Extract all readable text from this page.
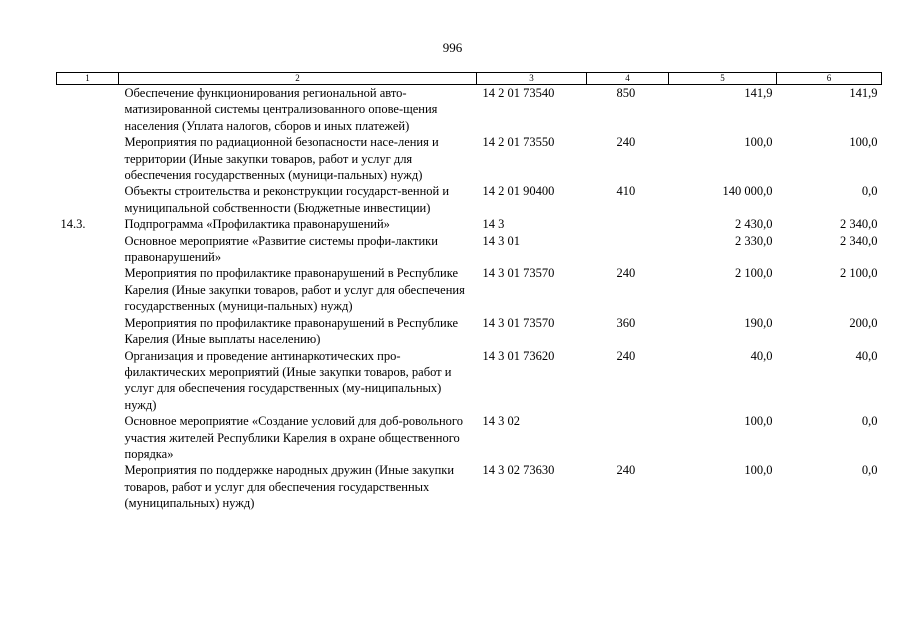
996
1	2	3	4	5	6
	Обеспечение функционирования региональной авто-матизированной системы централизованного опове-щения населения (Уплата налогов, сборов и иных платежей)	14 2 01 73540	850	141,9	141,9
	Мероприятия по радиационной безопасности насе-ления и территории (Иные закупки товаров, работ и услуг для обеспечения государственных (муници-пальных) нужд)	14 2 01 73550	240	100,0	100,0
	Объекты строительства и реконструкции государст-венной и муниципальной собственности (Бюджетные инвестиции)	14 2 01 90400	410	140 000,0	0,0
14.3.	Подпрограмма «Профилактика правонарушений»	14 3		2 430,0	2 340,0
	Основное мероприятие «Развитие системы профи-лактики правонарушений»	14 3 01		2 330,0	2 340,0
	Мероприятия по профилактике правонарушений в Республике Карелия (Иные закупки товаров, работ и услуг для обеспечения государственных (муници-пальных) нужд)	14 3 01 73570	240	2 100,0	2 100,0
	Мероприятия по профилактике правонарушений в Республике Карелия (Иные выплаты населению)	14 3 01 73570	360	190,0	200,0
	Организация и проведение антинаркотических про-филактических мероприятий (Иные закупки товаров, работ и услуг для обеспечения государственных (му-ниципальных) нужд)	14 3 01 73620	240	40,0	40,0
	Основное мероприятие «Создание условий для доб-ровольного участия жителей Республики Карелия в охране общественного порядка»	14 3 02		100,0	0,0
	Мероприятия по поддержке народных дружин (Иные закупки товаров, работ и услуг для обеспечения государственных (муниципальных) нужд)	14 3 02 73630	240	100,0	0,0
